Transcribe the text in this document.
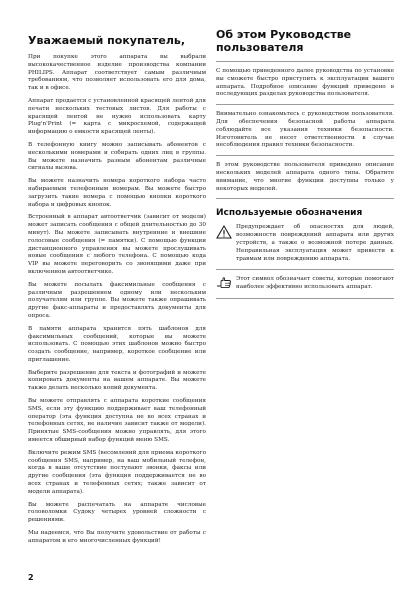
Уважаемый покупатель,

При покупке этого аппарата вы выбрали высококачественное изделие производства компании PHILIPS. Аппарат соответствует самым различным требованиям, что позволяет использовать его для дома, так и в офисе.

Аппарат продается с установленной красящей лентой для печати нескольких тестовых листов. Для работы с красящей лентой не нужно использовать карту Plug'n'Print (= карта с микросхемой, содержащей информацию о емкости красящей ленты).

В телефонную книгу можно записывать абонентов с несколькими номерами и собирать одних лиц в группы. Вы можете назначить разным абонентам различные сигналы вызова.

Вы можете назначить номера короткого набора часто набираемым телефонным номерам. Вы можете быстро загрузить такие номера с помощью кнопки короткого набора и цифровых кнопок.

Встроенный в аппарат автоответчик (зависит от модели) может записать сообщения с общей длительностью до 30 минут). Вы можете записывать внутренние и внешние голосовые сообщения (= памятки). С помощью функции дистанционного управления вы можете прослушивать новые сообщения с любого телефона. С помощью кода VIP вы можете переговорить со звонящими даже при включенном автоответчике.

Вы можете посылать факсимильные сообщения с различным разрешением одному или нескольким получателям или группе. Вы можете также опрашивать другие факс-аппараты и предоставлять документы для опроса.

В памяти аппарата хранится пять шаблонов для факсимильных сообщений, которые вы можете использовать. С помощью этих шаблонов можно быстро создать сообщение, например, короткое сообщение или приглашение.

Выберите разрешение для текста и фотографий и можете копировать документы на вашем аппарате. Вы можете также делать несколько копий документа.

Вы можете отправлять с аппарата короткие сообщения SMS, если эту функцию поддерживает ваш телефонный оператор (эта функция доступна не во всех странах и телефонных сетях, не наличие зависит также от модели). Принятые SMS-сообщения можно управлять, для этого имеется обширный набор функций меню SMS.

Включите режим SMS (весомлений для приема короткого сообщения SMS, например, на ваш мобильный телефон, когда в ваше отсутствие поступают звонки, факсы или другие сообщения (эта функция поддерживается не во всех странах и телефонных сетях; также зависит от модели аппарата).

Вы можете распечатать на аппарате числовые головоломки Судоку четырех уровней сложности с решениями.

Мы надеемся, что Вы получите удовольствие от работы с аппаратом и его многочисленных функций!

Об этом Руководстве пользователя

С помощью приведенного далее руководства по установке вы сможете быстро приступить к эксплуатации вашего аппарата. Подробное описание функций приведено в последующих разделах руководства пользователя.

Внимательно ознакомьтесь с руководством пользователя. Для обеспечения безопасной работы аппарата соблюдайте все указания техники безопасности. Изготовитель не несет ответственности в случае несоблюдения правил техники безопасности.

В этом руководстве пользователя приведено описание нескольких моделей аппарата одного типа. Обратите внимание, что многие функции доступны только у некоторых моделей.

Используемые обозначения

Предупреждает об опасностях для людей, возможности повреждений аппарата или других устройств, а также о возможной потере данных. Неправильная эксплуатация может привести к травмам или повреждению аппарата.

Этот символ обозначает советы, которые помогают наиболее эффективно использовать аппарат.

2
